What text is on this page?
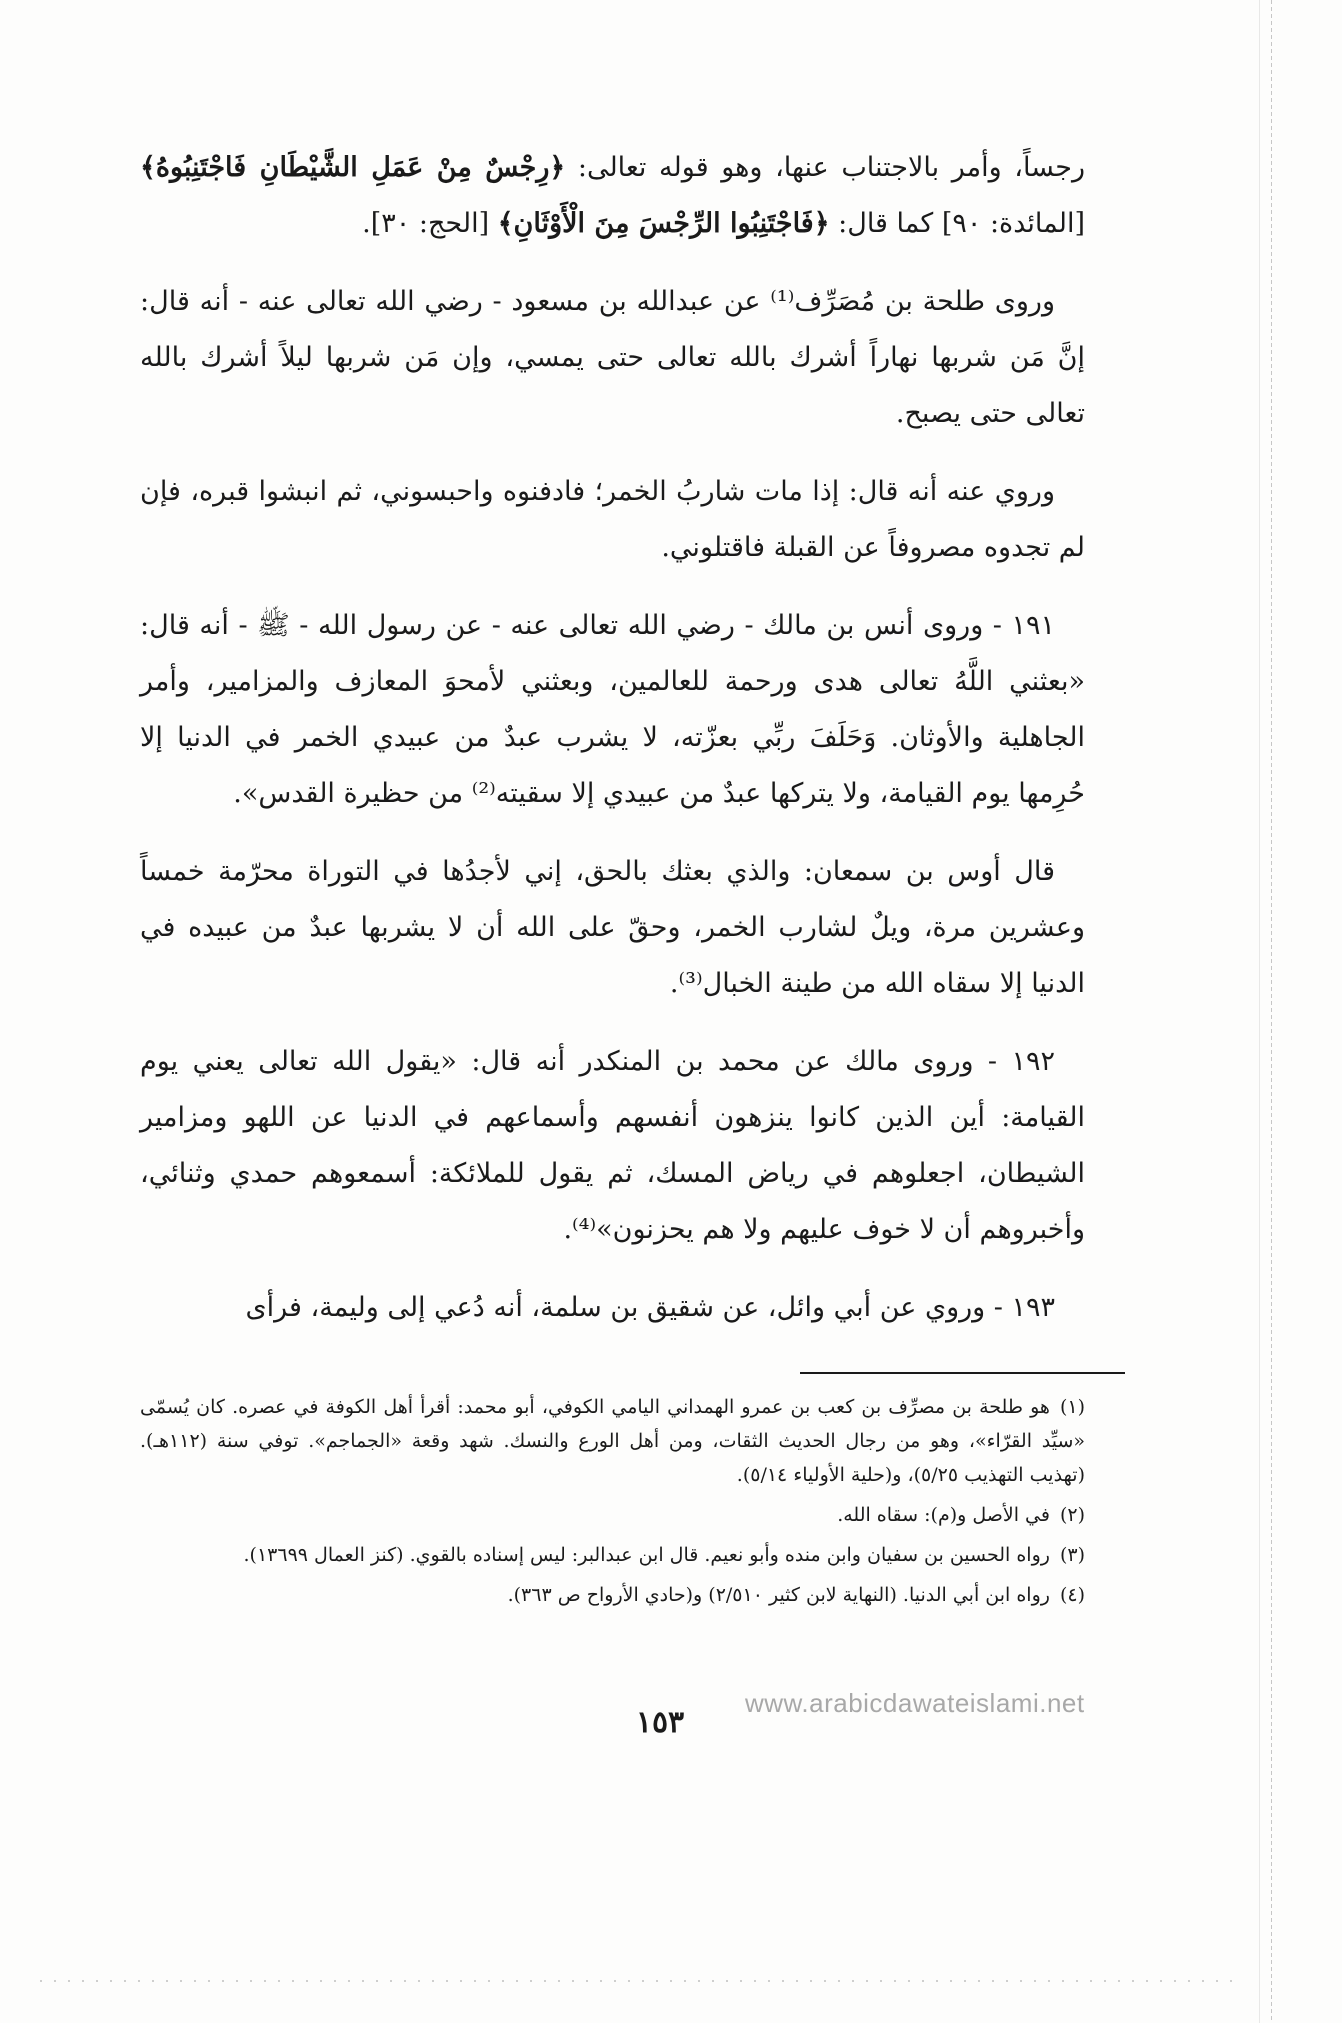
رجساً، وأمر بالاجتناب عنها، وهو قوله تعالى: ﴿رِجْسٌ مِنْ عَمَلِ الشَّيْطَانِ فَاجْتَنِبُوهُ﴾ [المائدة: ٩٠] كما قال: ﴿فَاجْتَنِبُوا الرِّجْسَ مِنَ الْأَوْثَانِ﴾ [الحج: ٣٠].

وروى طلحة بن مُصَرِّف⁽¹⁾ عن عبدالله بن مسعود - رضي الله تعالى عنه - أنه قال: إنَّ مَن شربها نهاراً أشرك بالله تعالى حتى يمسي، وإن مَن شربها ليلاً أشرك بالله تعالى حتى يصبح.

وروي عنه أنه قال: إذا مات شاربُ الخمر؛ فادفنوه واحبسوني، ثم انبشوا قبره، فإن لم تجدوه مصروفاً عن القبلة فاقتلوني.

١٩١ - وروى أنس بن مالك - رضي الله تعالى عنه - عن رسول الله - ﷺ - أنه قال: «بعثني اللَّهُ تعالى هدى ورحمة للعالمين، وبعثني لأمحوَ المعازف والمزامير، وأمر الجاهلية والأوثان. وَحَلَفَ ربِّي بعزّته، لا يشرب عبدٌ من عبيدي الخمر في الدنيا إلا حُرِمها يوم القيامة، ولا يتركها عبدٌ من عبيدي إلا سقيته⁽²⁾ من حظيرة القدس».

قال أوس بن سمعان: والذي بعثك بالحق، إني لأجدُها في التوراة محرّمة خمساً وعشرين مرة، ويلٌ لشارب الخمر، وحقّ على الله أن لا يشربها عبدٌ من عبيده في الدنيا إلا سقاه الله من طينة الخبال⁽³⁾.

١٩٢ - وروى مالك عن محمد بن المنكدر أنه قال: «يقول الله تعالى يعني يوم القيامة: أين الذين كانوا ينزهون أنفسهم وأسماعهم في الدنيا عن اللهو ومزامير الشيطان، اجعلوهم في رياض المسك، ثم يقول للملائكة: أسمعوهم حمدي وثنائي، وأخبروهم أن لا خوف عليهم ولا هم يحزنون»⁽⁴⁾.

١٩٣ - وروي عن أبي وائل، عن شقيق بن سلمة، أنه دُعي إلى وليمة، فرأى

(١)هو طلحة بن مصرِّف بن كعب بن عمرو الهمداني اليامي الكوفي، أبو محمد: أقرأ أهل الكوفة في عصره. كان يُسمّى «سيِّد القرّاء»، وهو من رجال الحديث الثقات، ومن أهل الورع والنسك. شهد وقعة «الجماجم». توفي سنة (١١٢هـ). (تهذيب التهذيب ٥/٢٥)، و(حلية الأولياء ٥/١٤).
(٢)في الأصل و(م): سقاه الله.
(٣)رواه الحسين بن سفيان وابن منده وأبو نعيم. قال ابن عبدالبر: ليس إسناده بالقوي. (كنز العمال ١٣٦٩٩).
(٤)رواه ابن أبي الدنيا. (النهاية لابن كثير ٢/٥١٠) و(حادي الأرواح ص ٣٦٣).
www.arabicdawateislami.net
١٥٣
